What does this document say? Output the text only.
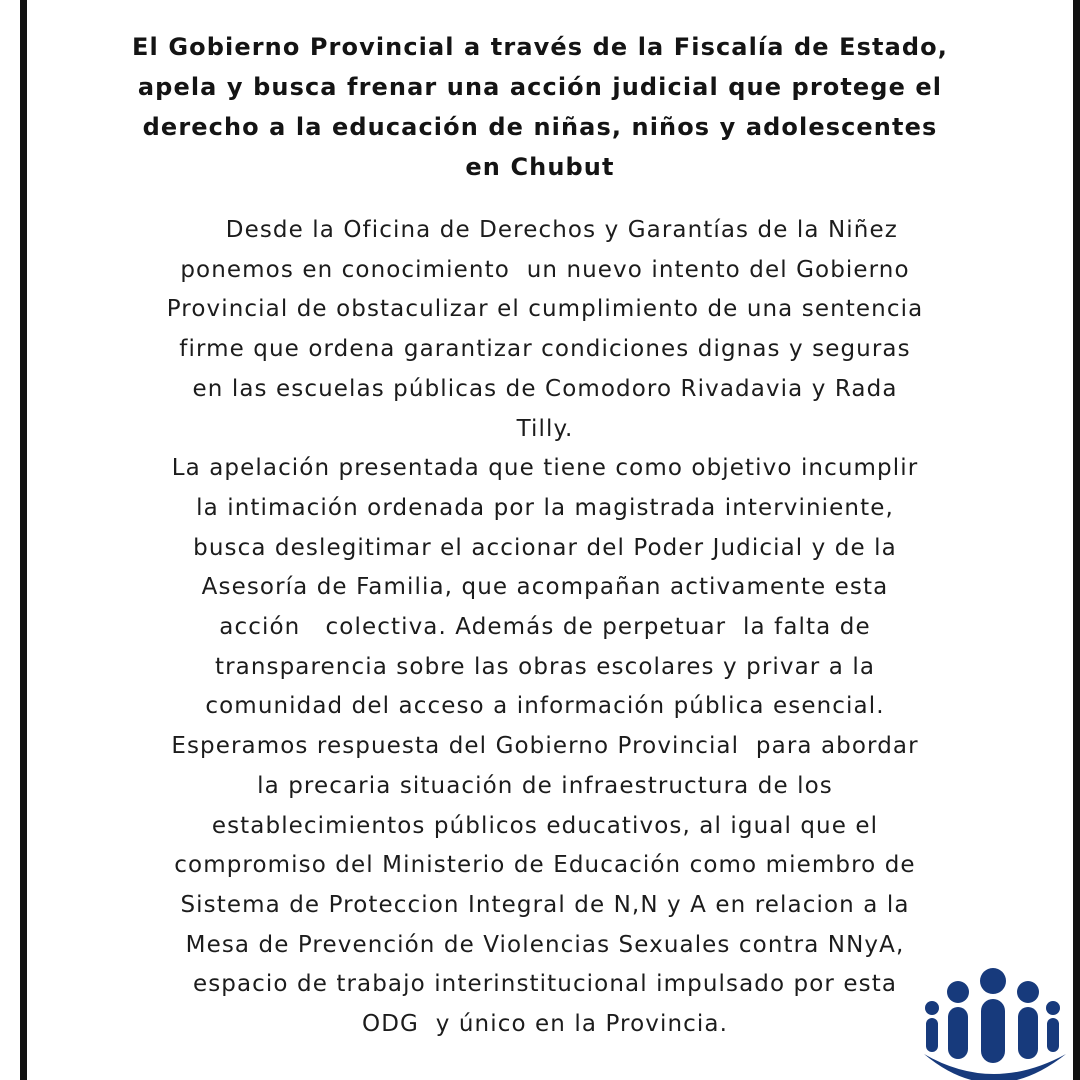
El Gobierno Provincial a través de la Fiscalía de Estado,
apela y busca frenar una acción judicial que protege el
derecho a la educación de niñas, niños y adolescentes
en Chubut
Desde la Oficina de Derechos y Garantías de la Niñez
ponemos en conocimiento  un nuevo intento del Gobierno
Provincial de obstaculizar el cumplimiento de una sentencia
firme que ordena garantizar condiciones dignas y seguras
en las escuelas públicas de Comodoro Rivadavia y Rada
Tilly.
La apelación presentada que tiene como objetivo incumplir
la intimación ordenada por la magistrada interviniente,
busca deslegitimar el accionar del Poder Judicial y de la
Asesoría de Familia, que acompañan activamente esta
acción   colectiva. Además de perpetuar  la falta de
transparencia sobre las obras escolares y privar a la
comunidad del acceso a información pública esencial.
Esperamos respuesta del Gobierno Provincial  para abordar
la precaria situación de infraestructura de los
establecimientos públicos educativos, al igual que el
compromiso del Ministerio de Educación como miembro de
Sistema de Proteccion Integral de N,N y A en relacion a la
Mesa de Prevención de Violencias Sexuales contra NNyA,
espacio de trabajo interinstitucional impulsado por esta
ODG  y único en la Provincia.
